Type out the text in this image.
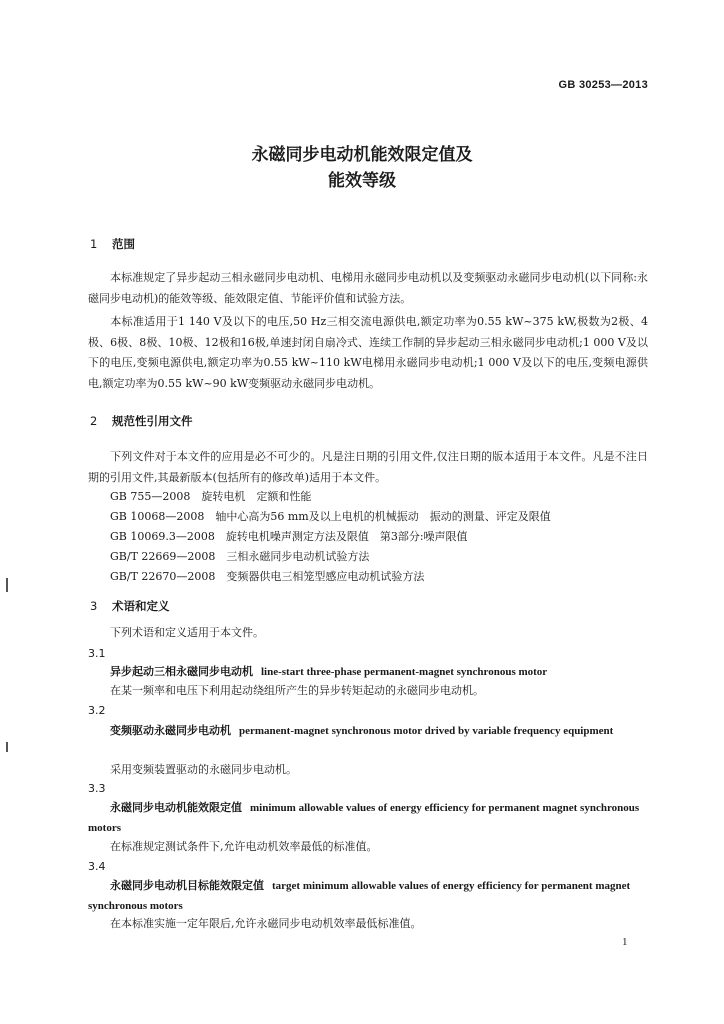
GB 30253—2013
永磁同步电动机能效限定值及
能效等级
1 范围
本标准规定了异步起动三相永磁同步电动机、电梯用永磁同步电动机以及变频驱动永磁同步电动机(以下同称:永磁同步电动机)的能效等级、能效限定值、节能评价值和试验方法。
本标准适用于1 140 V及以下的电压,50 Hz三相交流电源供电,额定功率为0.55 kW~375 kW,极数为2极、4极、6极、8极、10极、12极和16极,单速封闭自扇冷式、连续工作制的异步起动三相永磁同步电动机;1 000 V及以下的电压,变频电源供电,额定功率为0.55 kW~110 kW电梯用永磁同步电动机;1 000 V及以下的电压,变频电源供电,额定功率为0.55 kW~90 kW变频驱动永磁同步电动机。
2 规范性引用文件
下列文件对于本文件的应用是必不可少的。凡是注日期的引用文件,仅注日期的版本适用于本文件。凡是不注日期的引用文件,其最新版本(包括所有的修改单)适用于本文件。
GB 755—2008　旋转电机　定额和性能
GB 10068—2008　轴中心高为56 mm及以上电机的机械振动　振动的测量、评定及限值
GB 10069.3—2008　旋转电机噪声测定方法及限值　第3部分:噪声限值
GB/T 22669—2008　三相永磁同步电动机试验方法
GB/T 22670—2008　变频器供电三相笼型感应电动机试验方法
3 术语和定义
下列术语和定义适用于本文件。
3.1
异步起动三相永磁同步电动机 line-start three-phase permanent-magnet synchronous motor
在某一频率和电压下利用起动绕组所产生的异步转矩起动的永磁同步电动机。
3.2
变频驱动永磁同步电动机 permanent-magnet synchronous motor drived by variable frequency equipment
采用变频装置驱动的永磁同步电动机。
3.3
永磁同步电动机能效限定值 minimum allowable values of energy efficiency for permanent magnet synchronous motors
在标准规定测试条件下,允许电动机效率最低的标准值。
3.4
永磁同步电动机目标能效限定值 target minimum allowable values of energy efficiency for permanent magnet synchronous motors
在本标准实施一定年限后,允许永磁同步电动机效率最低标准值。
1
